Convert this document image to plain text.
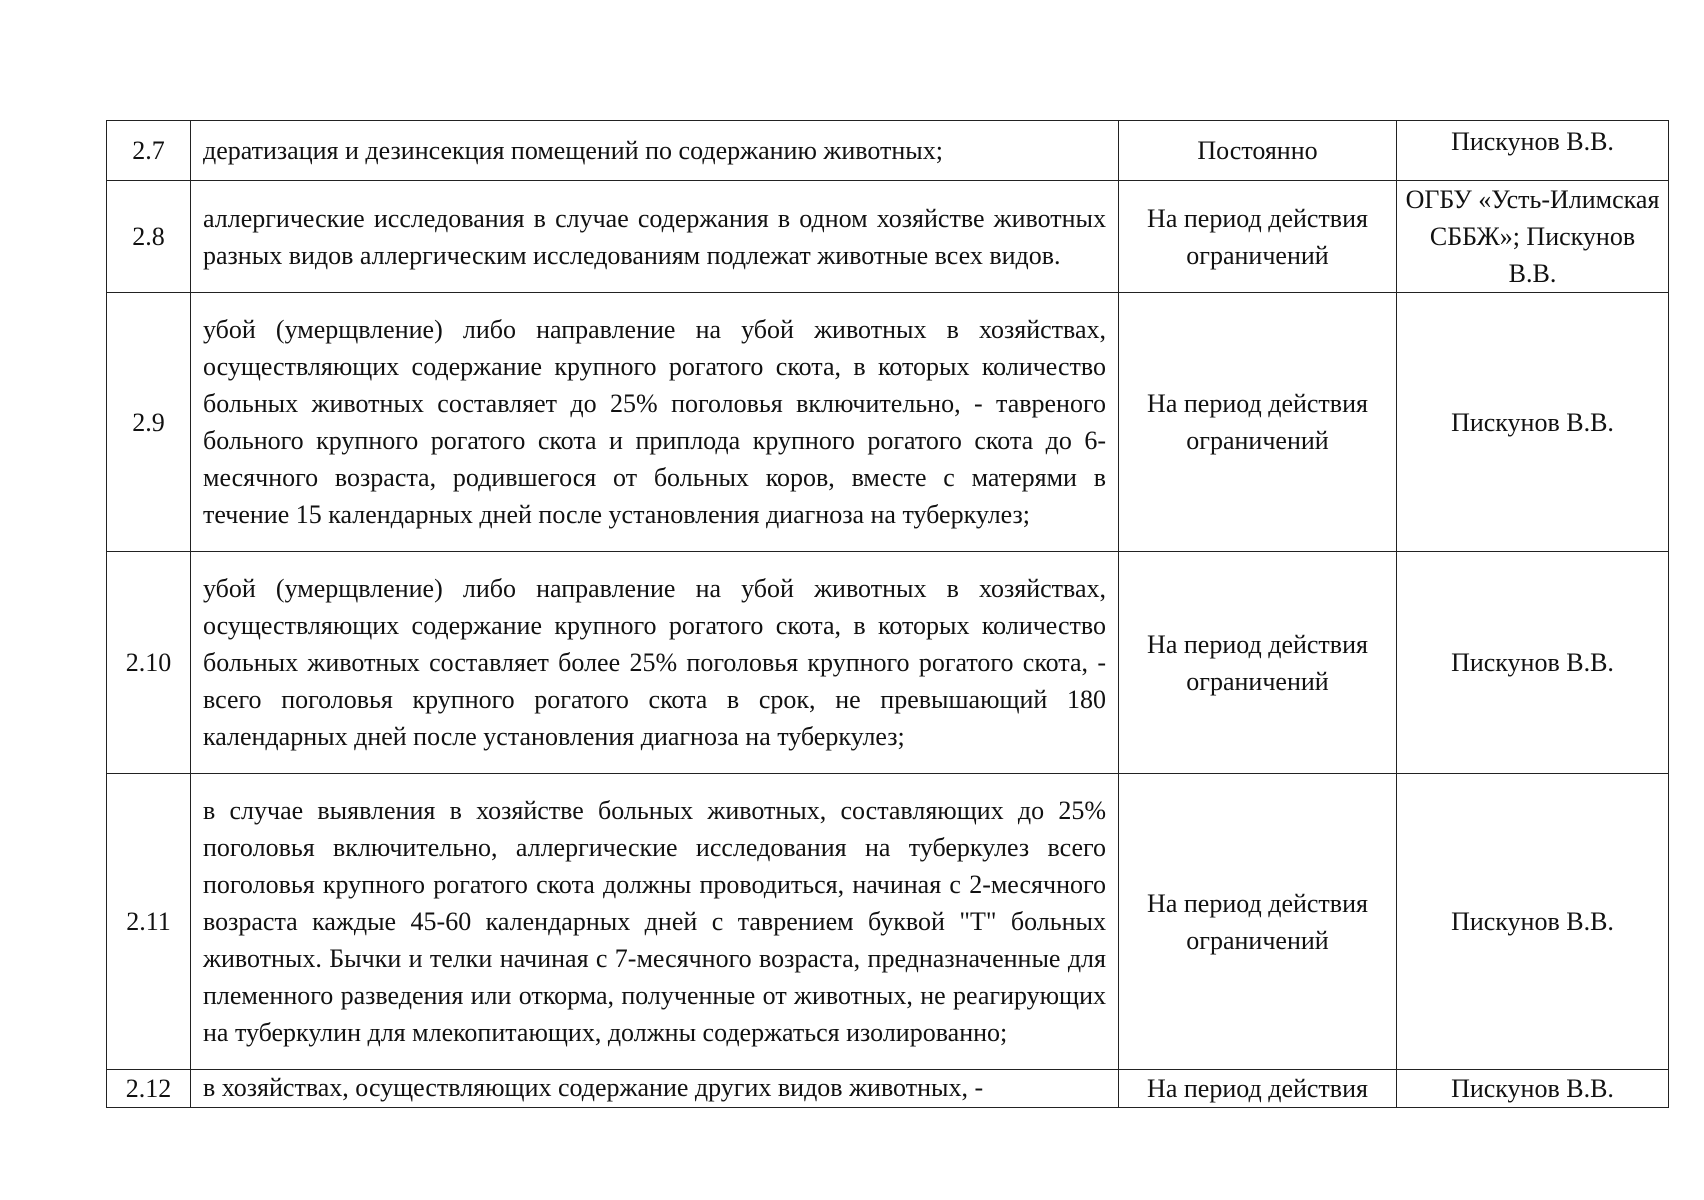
2.7	дератизация и дезинсекция помещений по содержанию животных;	Постоянно	Пискунов В.В.
2.8	аллергические исследования в случае содержания в одном хозяйстве животных разных видов аллергическим исследованиям подлежат животные всех видов.	На период действия ограничений	ОГБУ «Усть-Илимская СББЖ»; Пискунов В.В.
2.9	убой (умерщвление) либо направление на убой животных в хозяйствах, осуществляющих содержание крупного рогатого скота, в которых количество больных животных составляет до 25% поголовья включительно, - тавреного больного крупного рогатого скота и приплода крупного рогатого скота до 6-месячного возраста, родившегося от больных коров, вместе с матерями в течение 15 календарных дней после установления диагноза на туберкулез;	На период действия ограничений	Пискунов В.В.
2.10	убой (умерщвление) либо направление на убой животных в хозяйствах, осуществляющих содержание крупного рогатого скота, в которых количество больных животных составляет более 25% поголовья крупного рогатого скота, - всего поголовья крупного рогатого скота в срок, не превышающий 180 календарных дней после установления диагноза на туберкулез;	На период действия ограничений	Пискунов В.В.
2.11	в случае выявления в хозяйстве больных животных, составляющих до 25% поголовья включительно, аллергические исследования на туберкулез всего поголовья крупного рогатого скота должны проводиться, начиная с 2-месячного возраста каждые 45-60 календарных дней с таврением буквой "Т" больных животных. Бычки и телки начиная с 7-месячного возраста, предназначенные для племенного разведения или откорма, полученные от животных, не реагирующих на туберкулин для млекопитающих, должны содержаться изолированно;	На период действия ограничений	Пискунов В.В.
2.12	в хозяйствах, осуществляющих содержание других видов животных, -	На период действия	Пискунов В.В.
